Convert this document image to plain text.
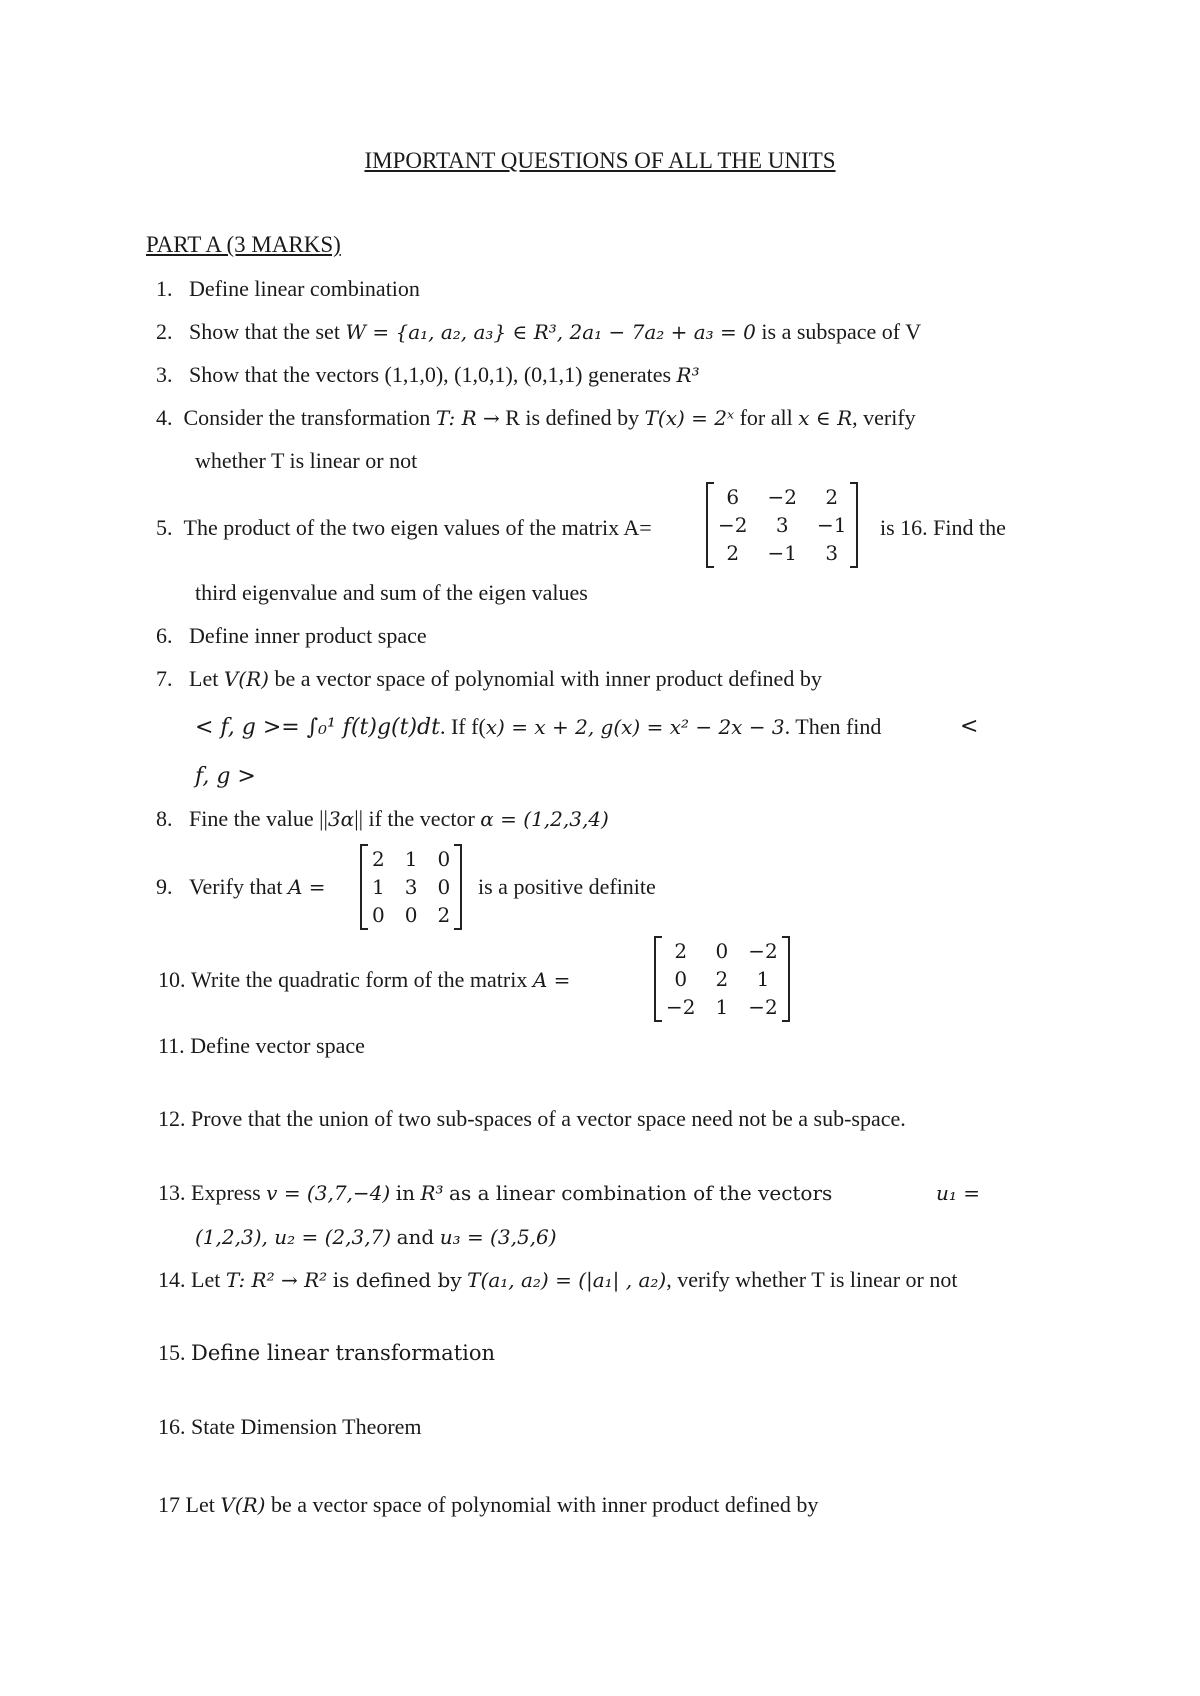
IMPORTANT QUESTIONS OF ALL THE UNITS
PART A (3 MARKS)
1. Define linear combination
2. Show that the set W = {a₁, a₂, a₃} ∈ R³, 2a₁ − 7a₂ + a₃ = 0 is a subspace of V
3. Show that the vectors (1,1,0), (1,0,1), (0,1,1) generates R³
4. Consider the transformation T: R → R is defined by T(x) = 2ˣ for all x ∈ R, verify
whether T is linear or not
5. The product of the two eigen values of the matrix A=
6	−2	2
−2	3	−1
2	−1	3
is 16. Find the
third eigenvalue and sum of the eigen values
6. Define inner product space
7. Let V(R) be a vector space of polynomial with inner product defined by
< f, g >= ∫₀¹ f(t)g(t)dt. If f(x) = x + 2, g(x) = x² − 2x − 3. Then find	<
f, g >
8. Fine the value ||3α|| if the vector α = (1,2,3,4)
9. Verify that A =
2	1	0
1	3	0
0	0	2
is a positive definite
10. Write the quadratic form of the matrix A =
2	0	−2
0	2	1
−2	1	−2
11. Define vector space
12. Prove that the union of two sub-spaces of a vector space need not be a sub-space.
13. Express v = (3,7,−4) in R³ as a linear combination of the vectors	u₁ =
(1,2,3), u₂ = (2,3,7) and u₃ = (3,5,6)
14. Let T: R² → R² is defined by T(a₁, a₂) = (|a₁| , a₂), verify whether T is linear or not
15. Define linear transformation
16. State Dimension Theorem
17 Let V(R) be a vector space of polynomial with inner product defined by
